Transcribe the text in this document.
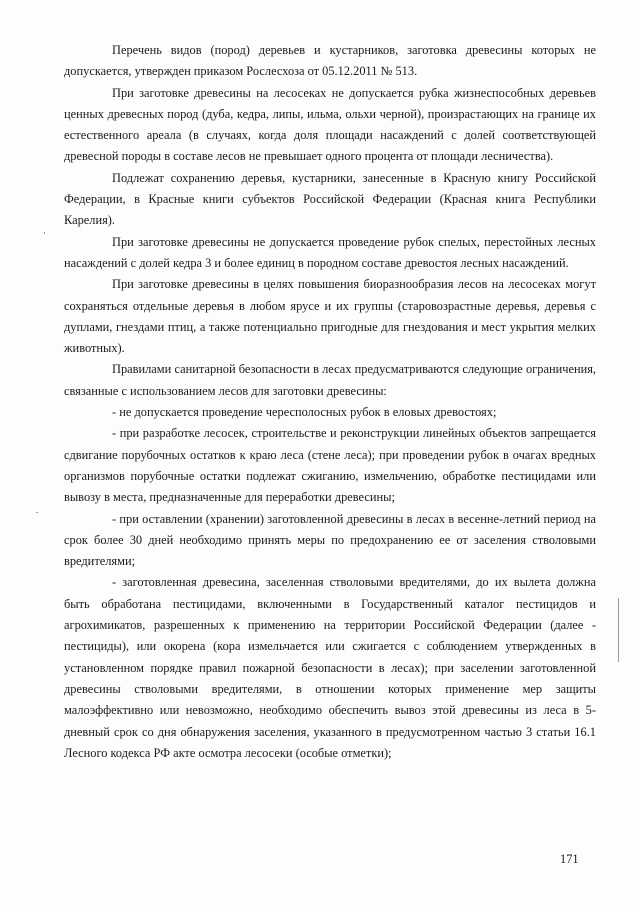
Перечень видов (пород) деревьев и кустарников, заготовка древесины которых не допускается, утвержден приказом Рослесхоза от 05.12.2011 № 513.

При заготовке древесины на лесосеках не допускается рубка жизнеспособных деревьев ценных древесных пород (дуба, кедра, липы, ильма, ольхи черной), произрастающих на границе их естественного ареала (в случаях, когда доля площади насаждений с долей соответствующей древесной породы в составе лесов не превышает одного процента от площади лесничества).

Подлежат сохранению деревья, кустарники, занесенные в Красную книгу Российской Федерации, в Красные книги субъектов Российской Федерации (Красная книга Республики Карелия).

При заготовке древесины не допускается проведение рубок спелых, перестойных лесных насаждений с долей кедра 3 и более единиц в породном составе древостоя лесных насаждений.

При заготовке древесины в целях повышения биоразнообразия лесов на лесосеках могут сохраняться отдельные деревья в любом ярусе и их группы (старовозрастные деревья, деревья с дуплами, гнездами птиц, а также потенциально пригодные для гнездования и мест укрытия мелких животных).

Правилами санитарной безопасности в лесах предусматриваются следующие ограничения, связанные с использованием лесов для заготовки древесины:

- не допускается проведение чересполосных рубок в еловых древостоях;

- при разработке лесосек, строительстве и реконструкции линейных объектов запрещается сдвигание порубочных остатков к краю леса (стене леса); при проведении рубок в очагах вредных организмов порубочные остатки подлежат сжиганию, измельчению, обработке пестицидами или вывозу в места, предназначенные для переработки древесины;

- при оставлении (хранении) заготовленной древесины в лесах в весенне-летний период на срок более 30 дней необходимо принять меры по предохранению ее от заселения стволовыми вредителями;

- заготовленная древесина, заселенная стволовыми вредителями, до их вылета должна быть обработана пестицидами, включенными в Государственный каталог пестицидов и агрохимикатов, разрешенных к применению на территории Российской Федерации (далее - пестициды), или окорена (кора измельчается или сжигается с соблюдением утвержденных в установленном порядке правил пожарной безопасности в лесах); при заселении заготовленной древесины стволовыми вредителями, в отношении которых применение мер защиты малоэффективно или невозможно, необходимо обеспечить вывоз этой древесины из леса в 5-дневный срок со дня обнаружения заселения, указанного в предусмотренном частью 3 статьи 16.1 Лесного кодекса РФ акте осмотра лесосеки (особые отметки);

171
